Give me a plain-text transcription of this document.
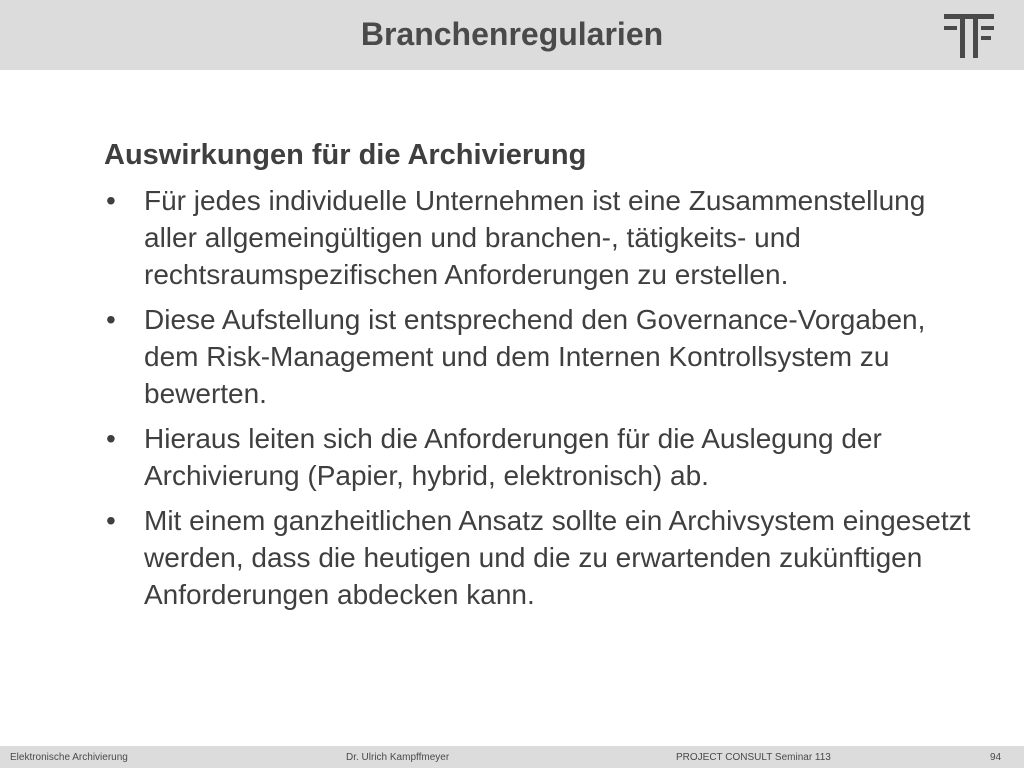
Branchenregularien
Auswirkungen für die Archivierung
• Für jedes individuelle Unternehmen ist eine Zusammenstellung aller allgemeingültigen und branchen-, tätigkeits- und rechtsraumspezifischen Anforderungen zu erstellen.
• Diese Aufstellung ist entsprechend den Governance-Vorgaben, dem Risk-Management und dem Internen Kontrollsystem zu bewerten.
• Hieraus leiten sich die Anforderungen für die Auslegung der Archivierung (Papier, hybrid, elektronisch) ab.
• Mit einem ganzheitlichen Ansatz sollte ein Archivsystem eingesetzt werden, dass die heutigen und die zu erwartenden zukünftigen Anforderungen abdecken kann.
Elektronische Archivierung	Dr. Ulrich Kampffmeyer	PROJECT CONSULT Seminar 113	94
